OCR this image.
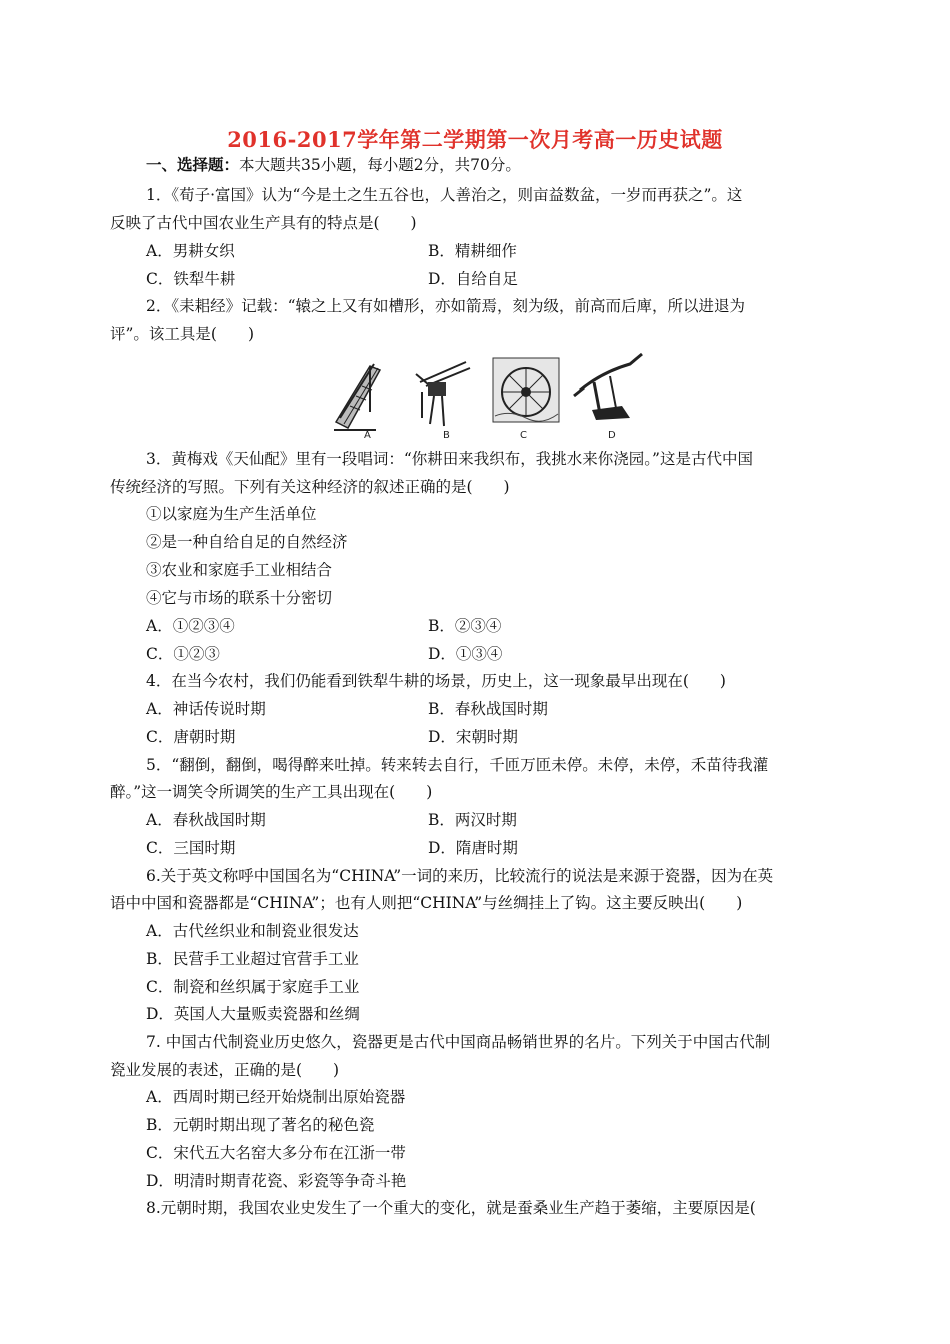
2016-2017学年第二学期第一次月考高一历史试题
一、选择题：本大题共35小题，每小题2分，共70分。
1．《荀子·富国》认为“今是土之生五谷也，人善治之，则亩益数盆，一岁而再获之”。这
反映了古代中国农业生产具有的特点是(　　)
A．男耕女织	B．精耕细作
C．铁犁牛耕	D．自给自足
2．《耒耜经》记载：“辕之上又有如槽形，亦如箭焉，刻为级，前高而后庳，所以进退为
评”。该工具是(　　)
A	B	C	D
3．黄梅戏《天仙配》里有一段唱词：“你耕田来我织布，我挑水来你浇园。”这是古代中国
传统经济的写照。下列有关这种经济的叙述正确的是(　　)
①以家庭为生产生活单位
②是一种自给自足的自然经济
③农业和家庭手工业相结合
④它与市场的联系十分密切
A．①②③④	B．②③④
C．①②③	D．①③④
4．在当今农村，我们仍能看到铁犁牛耕的场景，历史上，这一现象最早出现在(　　)
A．神话传说时期	B．春秋战国时期
C．唐朝时期	D．宋朝时期
5．“翻倒，翻倒，喝得醉来吐掉。转来转去自行，千匝万匝未停。未停，未停，禾苗待我灌
醉。”这一调笑令所调笑的生产工具出现在(　　)
A．春秋战国时期	B．两汉时期
C．三国时期	D．隋唐时期
6.关于英文称呼中国国名为“CHINA”一词的来历，比较流行的说法是来源于瓷器，因为在英
语中中国和瓷器都是“CHINA”；也有人则把“CHINA”与丝绸挂上了钩。这主要反映出(　　)
A．古代丝织业和制瓷业很发达
B．民营手工业超过官营手工业
C．制瓷和丝织属于家庭手工业
D．英国人大量贩卖瓷器和丝绸
7. 中国古代制瓷业历史悠久，瓷器更是古代中国商品畅销世界的名片。下列关于中国古代制
瓷业发展的表述，正确的是(　　)
A．西周时期已经开始烧制出原始瓷器
B．元朝时期出现了著名的秘色瓷
C．宋代五大名窑大多分布在江浙一带
D．明清时期青花瓷、彩瓷等争奇斗艳
8.元朝时期，我国农业史发生了一个重大的变化，就是蚕桑业生产趋于萎缩，主要原因是(
